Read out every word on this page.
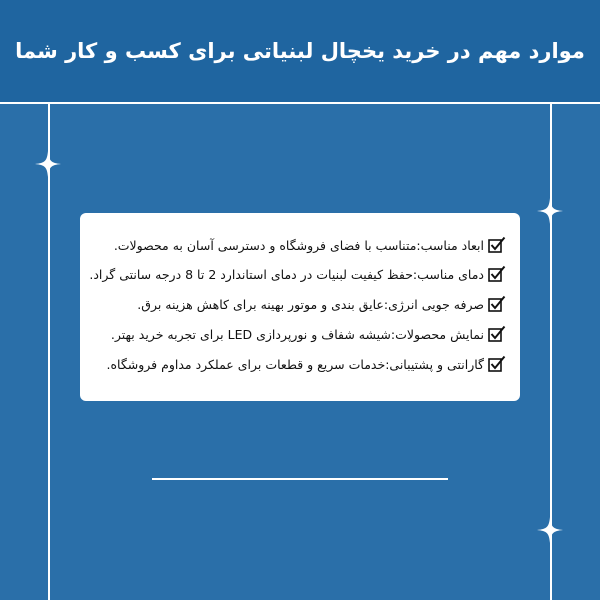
موارد مهم در خرید یخچال لبنیاتی برای کسب و کار شما
ابعاد مناسب:
متناسب با فضای فروشگاه و دسترسی آسان به محصولات.
دمای مناسب:
حفظ کیفیت لبنیات در دمای استاندارد 2 تا 8 درجه سانتی گراد.
صرفه جویی انرژی:
عایق بندی و موتور بهینه برای کاهش هزینه برق.
نمایش محصولات:
شیشه شفاف و نورپردازی LED برای تجربه خرید بهتر.
گارانتی و پشتیبانی:
خدمات سریع و قطعات برای عملکرد مداوم فروشگاه.
